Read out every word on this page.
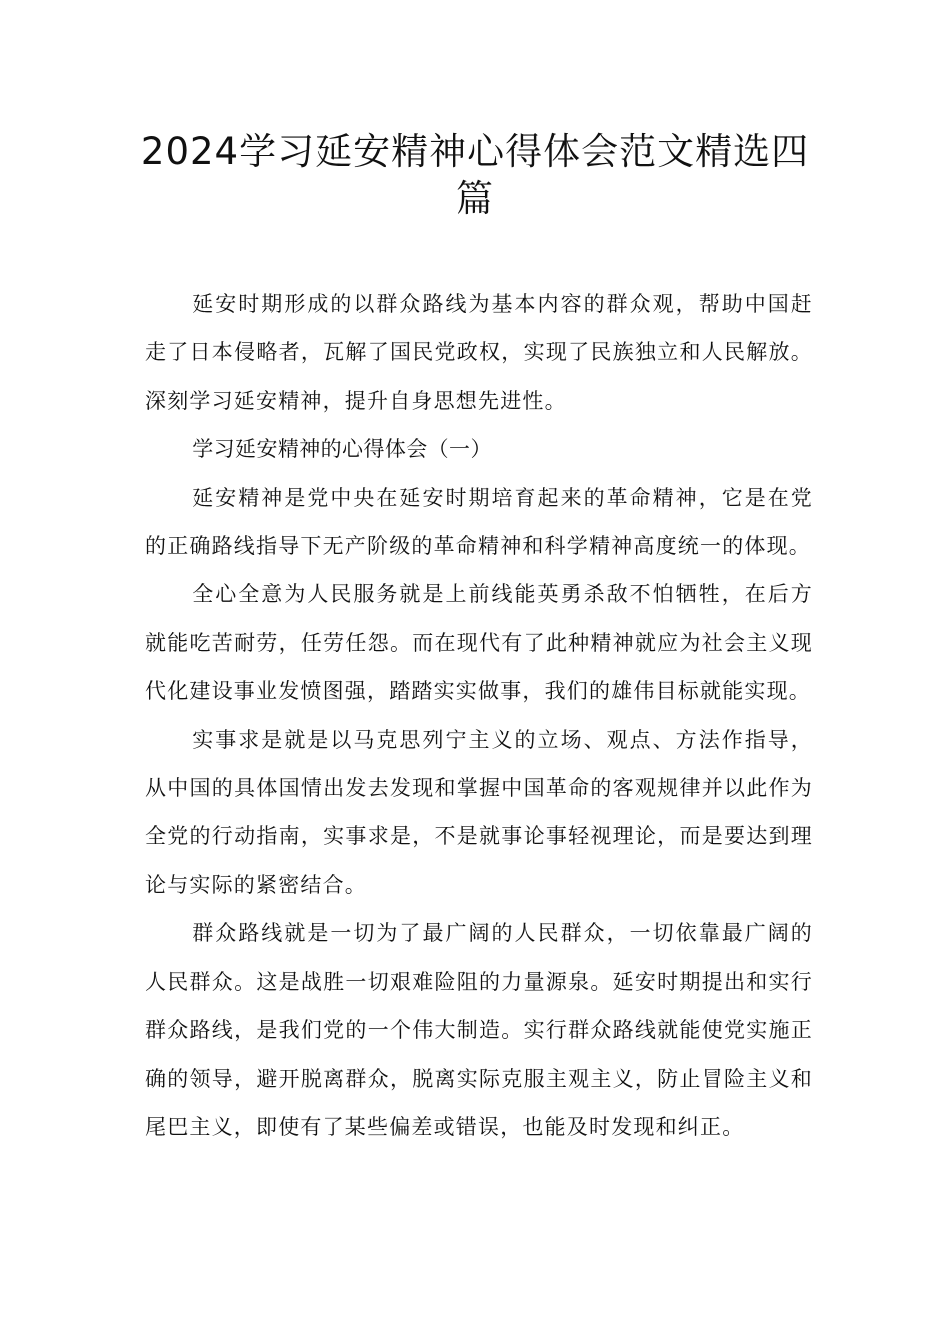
2024学习延安精神心得体会范文精选四
篇

延安时期形成的以群众路线为基本内容的群众观，帮助中国赶走了日本侵略者，瓦解了国民党政权，实现了民族独立和人民解放。深刻学习延安精神，提升自身思想先进性。

学习延安精神的心得体会（一）

延安精神是党中央在延安时期培育起来的革命精神，它是在党的正确路线指导下无产阶级的革命精神和科学精神高度统一的体现。

全心全意为人民服务就是上前线能英勇杀敌不怕牺牲，在后方就能吃苦耐劳，任劳任怨。而在现代有了此种精神就应为社会主义现代化建设事业发愤图强，踏踏实实做事，我们的雄伟目标就能实现。

实事求是就是以马克思列宁主义的立场、观点、方法作指导，从中国的具体国情出发去发现和掌握中国革命的客观规律并以此作为全党的行动指南，实事求是，不是就事论事轻视理论，而是要达到理论与实际的紧密结合。

群众路线就是一切为了最广阔的人民群众，一切依靠最广阔的人民群众。这是战胜一切艰难险阻的力量源泉。延安时期提出和实行群众路线，是我们党的一个伟大制造。实行群众路线就能使党实施正确的领导，避开脱离群众，脱离实际克服主观主义，防止冒险主义和尾巴主义，即使有了某些偏差或错误，也能及时发现和纠正。
